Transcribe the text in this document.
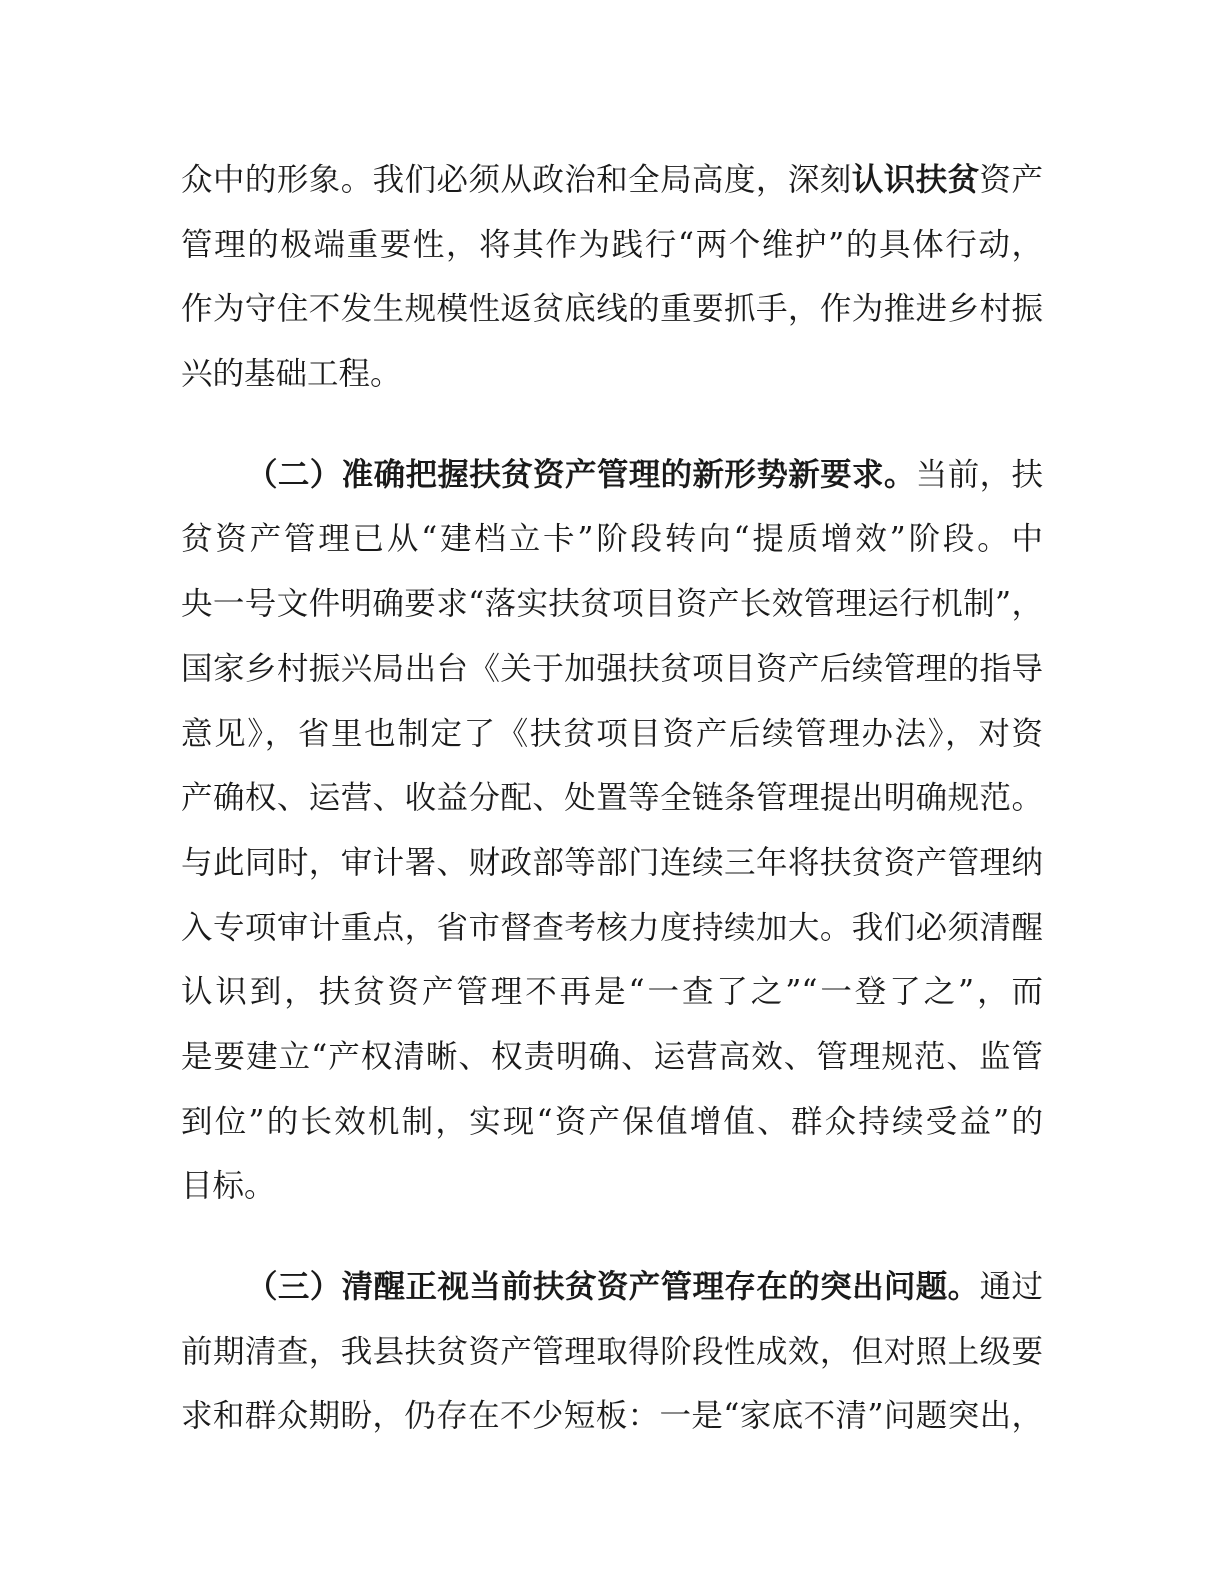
众中的形象。我们必须从政治和全局高度，深刻认识扶贫资产
管理的极端重要性，将其作为践行“两个维护”的具体行动，
作为守住不发生规模性返贫底线的重要抓手，作为推进乡村振
兴的基础工程。
（二）准确把握扶贫资产管理的新形势新要求。当前，扶
贫资产管理已从“建档立卡”阶段转向“提质增效”阶段。中
央一号文件明确要求“落实扶贫项目资产长效管理运行机制”，
国家乡村振兴局出台《关于加强扶贫项目资产后续管理的指导
意见》，省里也制定了《扶贫项目资产后续管理办法》，对资
产确权、运营、收益分配、处置等全链条管理提出明确规范。
与此同时，审计署、财政部等部门连续三年将扶贫资产管理纳
入专项审计重点，省市督查考核力度持续加大。我们必须清醒
认识到，扶贫资产管理不再是“一查了之”“一登了之”，而
是要建立“产权清晰、权责明确、运营高效、管理规范、监管
到位”的长效机制，实现“资产保值增值、群众持续受益”的
目标。
（三）清醒正视当前扶贫资产管理存在的突出问题。通过
前期清查，我县扶贫资产管理取得阶段性成效，但对照上级要
求和群众期盼，仍存在不少短板：一是“家底不清”问题突出，
